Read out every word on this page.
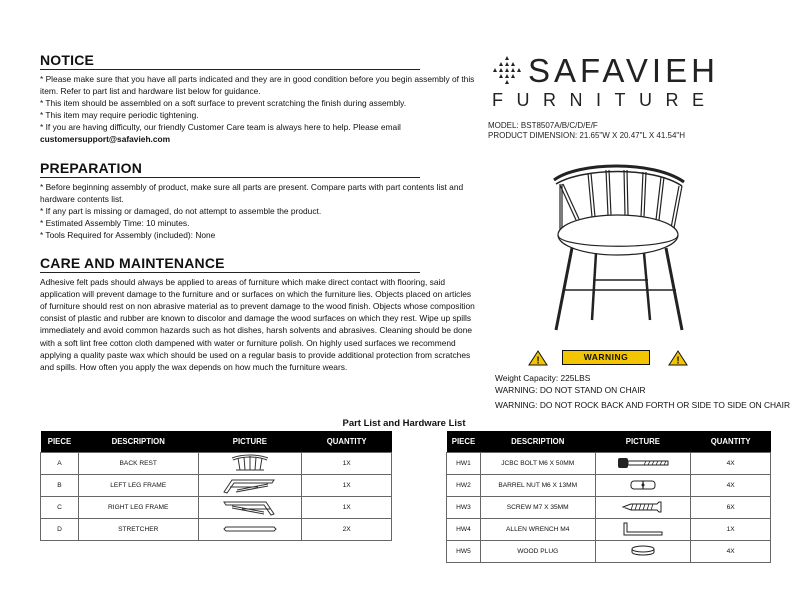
NOTICE

* Please make sure that you have all parts indicated and they are in good condition before you begin assembly of this item. Refer to part list and hardware list below for guidance.

* This item should be assembled on a soft surface to prevent scratching the finish during assembly.

* This item may require periodic tightening.

* If you are having difficulty, our friendly Customer Care team is always here to help. Please email

customersupport@safavieh.com

PREPARATION

* Before beginning assembly of product, make sure all parts are present. Compare parts with part contents list and hardware contents list.

* If any part is missing or damaged, do not attempt to assemble the product.

* Estimated Assembly Time: 10 minutes.

* Tools Required for Assembly (included): None

CARE AND MAINTENANCE

Adhesive felt pads should always be applied to areas of furniture which make direct contact with flooring, said application will prevent damage to the furniture and or surfaces on which the furniture lies. Objects placed on articles of furniture should rest on non abrasive material as to prevent damage to the wood finish. Objects whose composition consist of plastic and rubber are known to discolor and damage the wood surfaces on which they rest. Wipe up spills immediately and avoid common hazards such as hot dishes, harsh solvents and abrasives. Cleaning should be done with a soft lint free cotton cloth dampened with water or furniture polish. On highly used surfaces we recommend applying a quality paste wax which should be used on a regular basis to provide additional protection from scratches and spills. How often you apply the wax depends on how much the furniture wears.

SAFAVIEH
FURNITURE
MODEL: BST8507A/B/C/D/E/F
PRODUCT DIMENSION: 21.65"W X 20.47"L X 41.54"H
!	WARNING	!
Weight Capacity: 225LBS
WARNING: DO NOT STAND ON CHAIR
WARNING: DO NOT ROCK BACK AND FORTH OR SIDE TO SIDE ON CHAIR
Part List and Hardware List
PIECE	DESCRIPTION	PICTURE	QUANTITY
A	BACK REST		1X
B	LEFT LEG FRAME		1X
C	RIGHT LEG FRAME		1X
D	STRETCHER		2X
PIECE	DESCRIPTION	PICTURE	QUANTITY
HW1	JCBC BOLT M6 X 50MM		4X
HW2	BARREL NUT M6 X 13MM		4X
HW3	SCREW M7 X 35MM		6X
HW4	ALLEN WRENCH M4		1X
HW5	WOOD PLUG		4X
